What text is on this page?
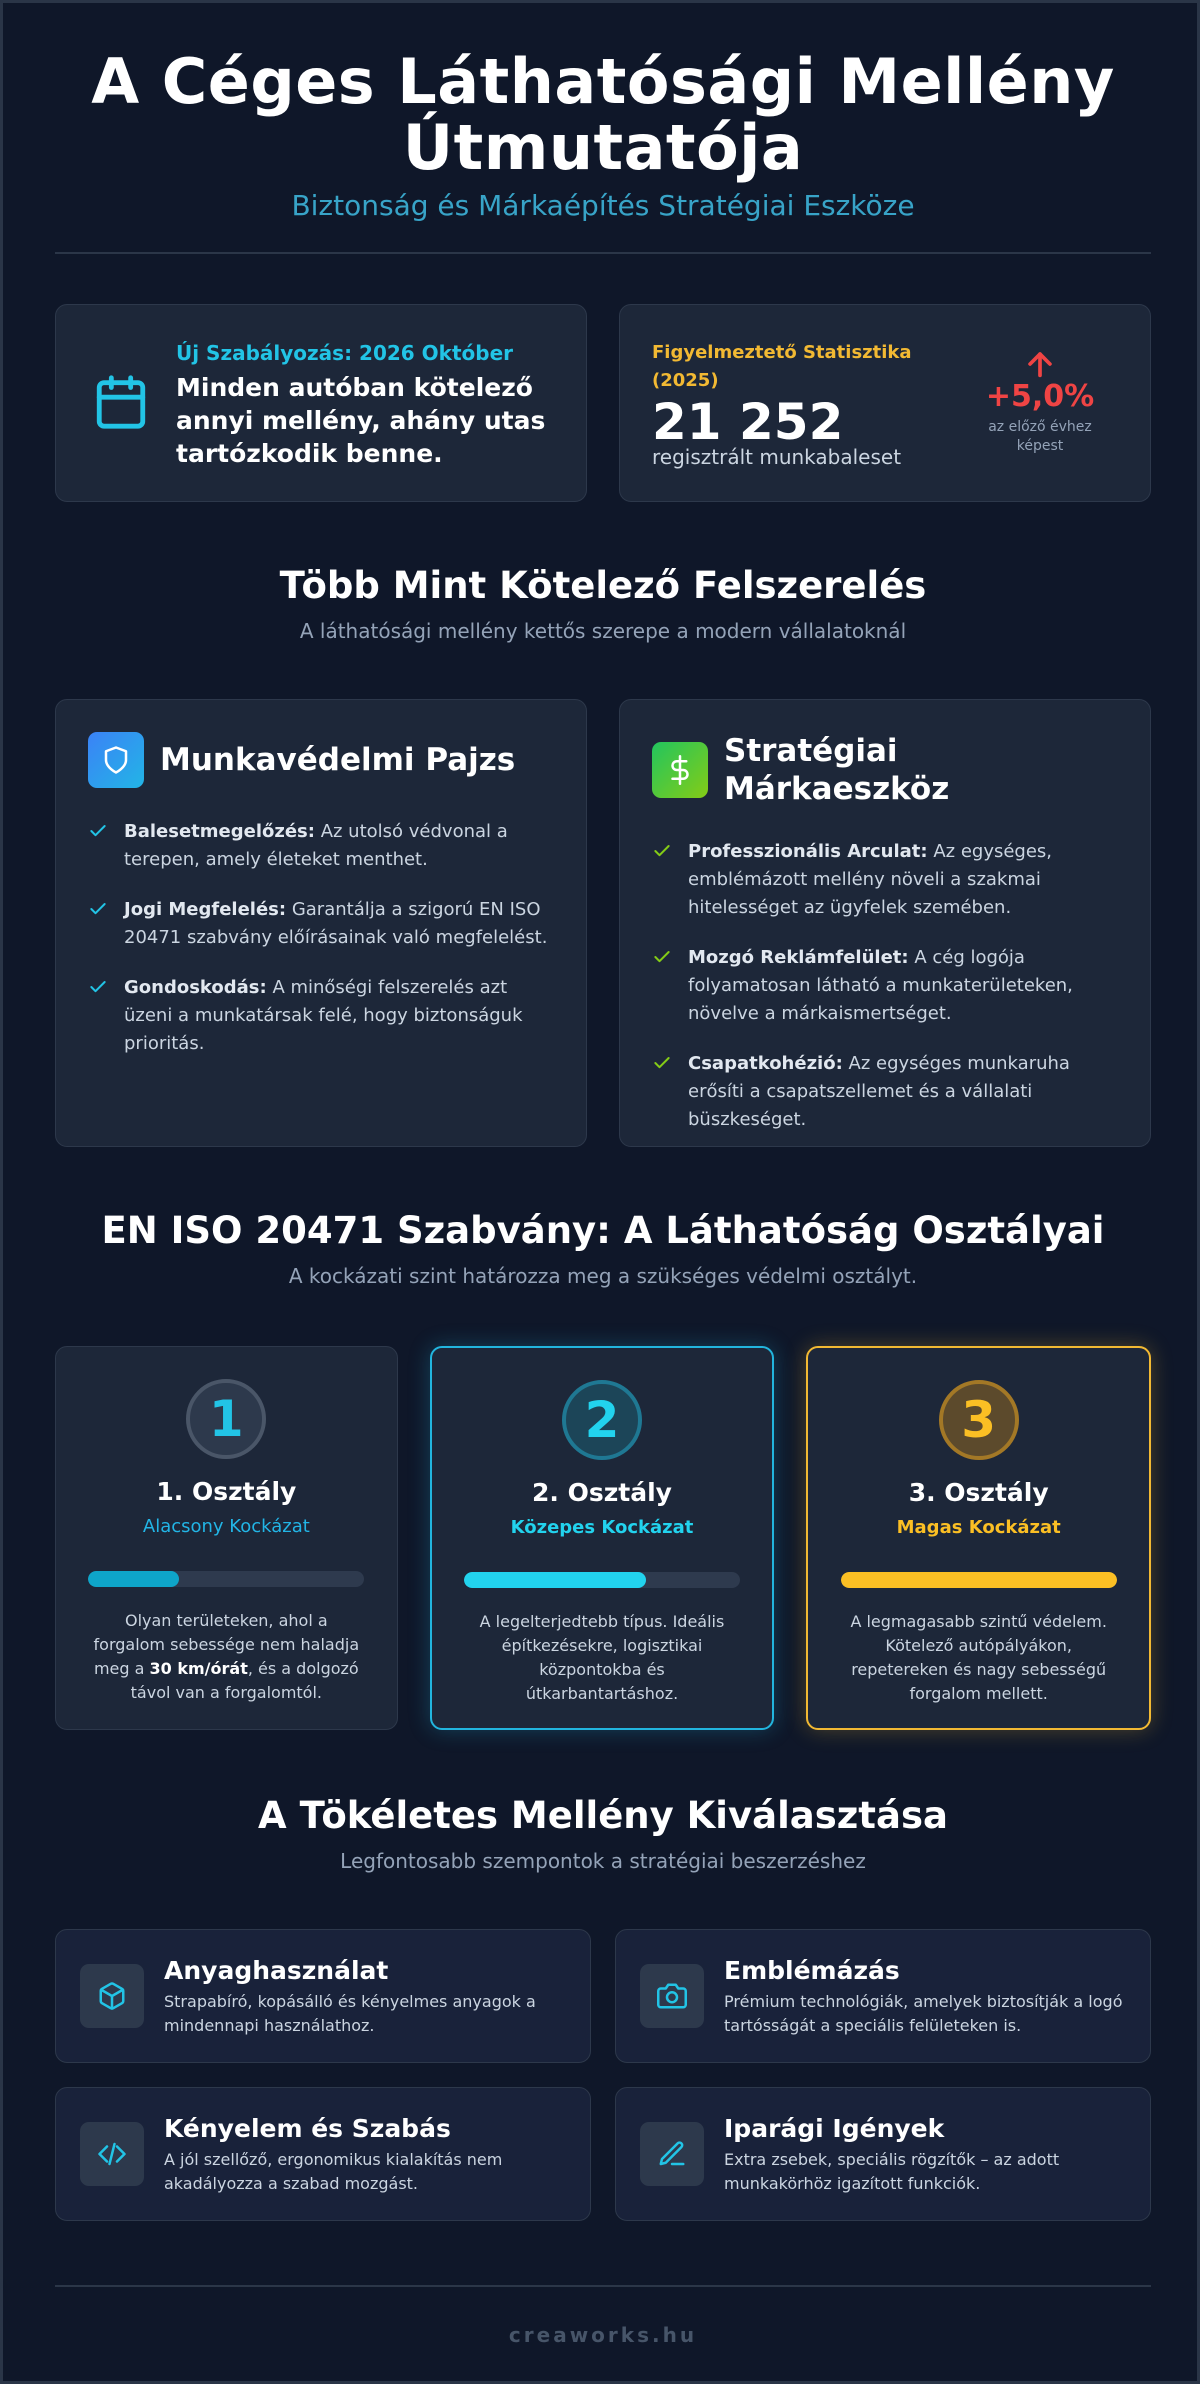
A Céges Láthatósági Mellény Útmutatója
Biztonság és Márkaépítés Stratégiai Eszköze
Új Szabályozás: 2026 Október
Minden autóban kötelező annyi mellény, ahány utas tartózkodik benne.
Figyelmeztető Statisztika (2025)
21 252
regisztrált munkabaleset
+5,0%
az előző évhez képest
Több Mint Kötelező Felszerelés
A láthatósági mellény kettős szerepe a modern vállalatoknál
Munkavédelmi Pajzs
Balesetmegelőzés: Az utolsó védvonal a terepen, amely életeket menthet.
Jogi Megfelelés: Garantálja a szigorú EN ISO 20471 szabvány előírásainak való megfelelést.
Gondoskodás: A minőségi felszerelés azt üzeni a munkatársak felé, hogy biztonságuk prioritás.
Stratégiai Márkaeszköz
Professzionális Arculat: Az egységes, emblémázott mellény növeli a szakmai hitelességet az ügyfelek szemében.
Mozgó Reklámfelület: A cég logója folyamatosan látható a munkaterületeken, növelve a márkaismertséget.
Csapatkohézió: Az egységes munkaruha erősíti a csapatszellemet és a vállalati büszkeséget.
EN ISO 20471 Szabvány: A Láthatóság Osztályai
A kockázati szint határozza meg a szükséges védelmi osztályt.
1
1. Osztály
Alacsony Kockázat
Olyan területeken, ahol a forgalom sebessége nem haladja meg a 30 km/órát, és a dolgozó távol van a forgalomtól.
2
2. Osztály
Közepes Kockázat
A legelterjedtebb típus. Ideális építkezésekre, logisztikai központokba és útkarbantartáshoz.
3
3. Osztály
Magas Kockázat
A legmagasabb szintű védelem. Kötelező autópályákon, repetereken és nagy sebességű forgalom mellett.
A Tökéletes Mellény Kiválasztása
Legfontosabb szempontok a stratégiai beszerzéshez
Anyaghasználat
Strapabíró, kopásálló és kényelmes anyagok a mindennapi használathoz.
Emblémázás
Prémium technológiák, amelyek biztosítják a logó tartósságát a speciális felületeken is.
Kényelem és Szabás
A jól szellőző, ergonomikus kialakítás nem akadályozza a szabad mozgást.
Iparági Igények
Extra zsebek, speciális rögzítők – az adott munkakörhöz igazított funkciók.
creaworks.hu
